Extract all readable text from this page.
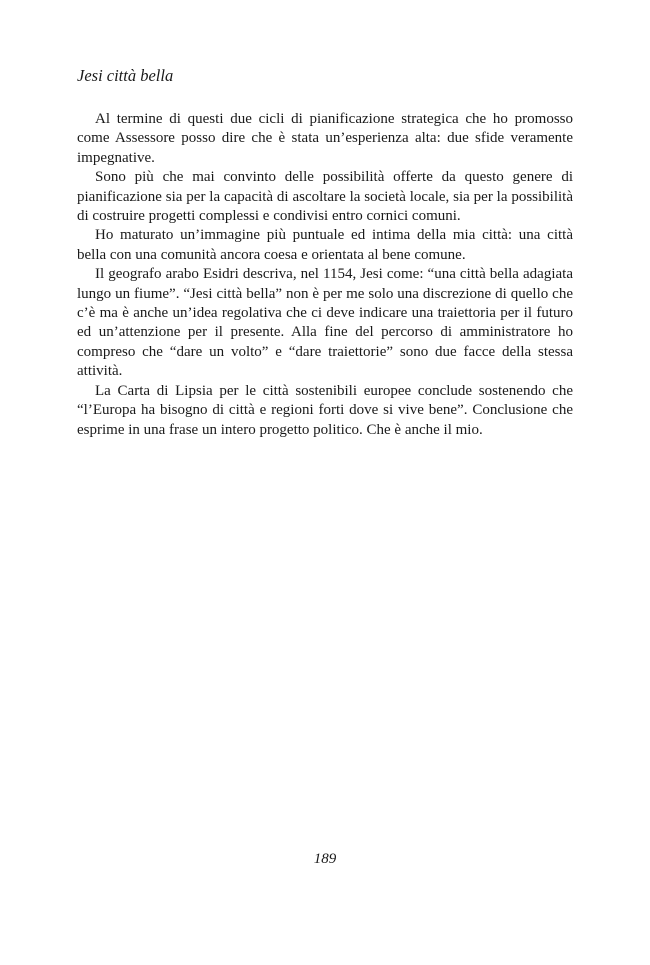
Jesi città bella

Al termine di questi due cicli di pianificazione strategica che ho promosso come Assessore posso dire che è stata un’esperienza alta: due sfide veramente impegnative.

Sono più che mai convinto delle possibilità offerte da questo genere di pianificazione sia per la capacità di ascoltare la società locale, sia per la possibilità di costruire progetti complessi e condivisi entro cornici comuni.

Ho maturato un’immagine più puntuale ed intima della mia città: una città bella con una comunità ancora coesa e orientata al bene comune.

Il geografo arabo Esidri descriva, nel 1154, Jesi come: “una città bella adagiata lungo un fiume”. “Jesi città bella” non è per me solo una discrezione di quello che c’è ma è anche un’idea regolativa che ci deve indicare una traiettoria per il futuro ed un’attenzione per il presente. Alla fine del percorso di amministratore ho compreso che “dare un volto” e “dare traiettorie” sono due facce della stessa attività.

La Carta di Lipsia per le città sostenibili europee conclude sostenendo che “l’Europa ha bisogno di città e regioni forti dove si vive bene”. Conclusione che esprime in una frase un intero progetto politico. Che è anche il mio.

189
